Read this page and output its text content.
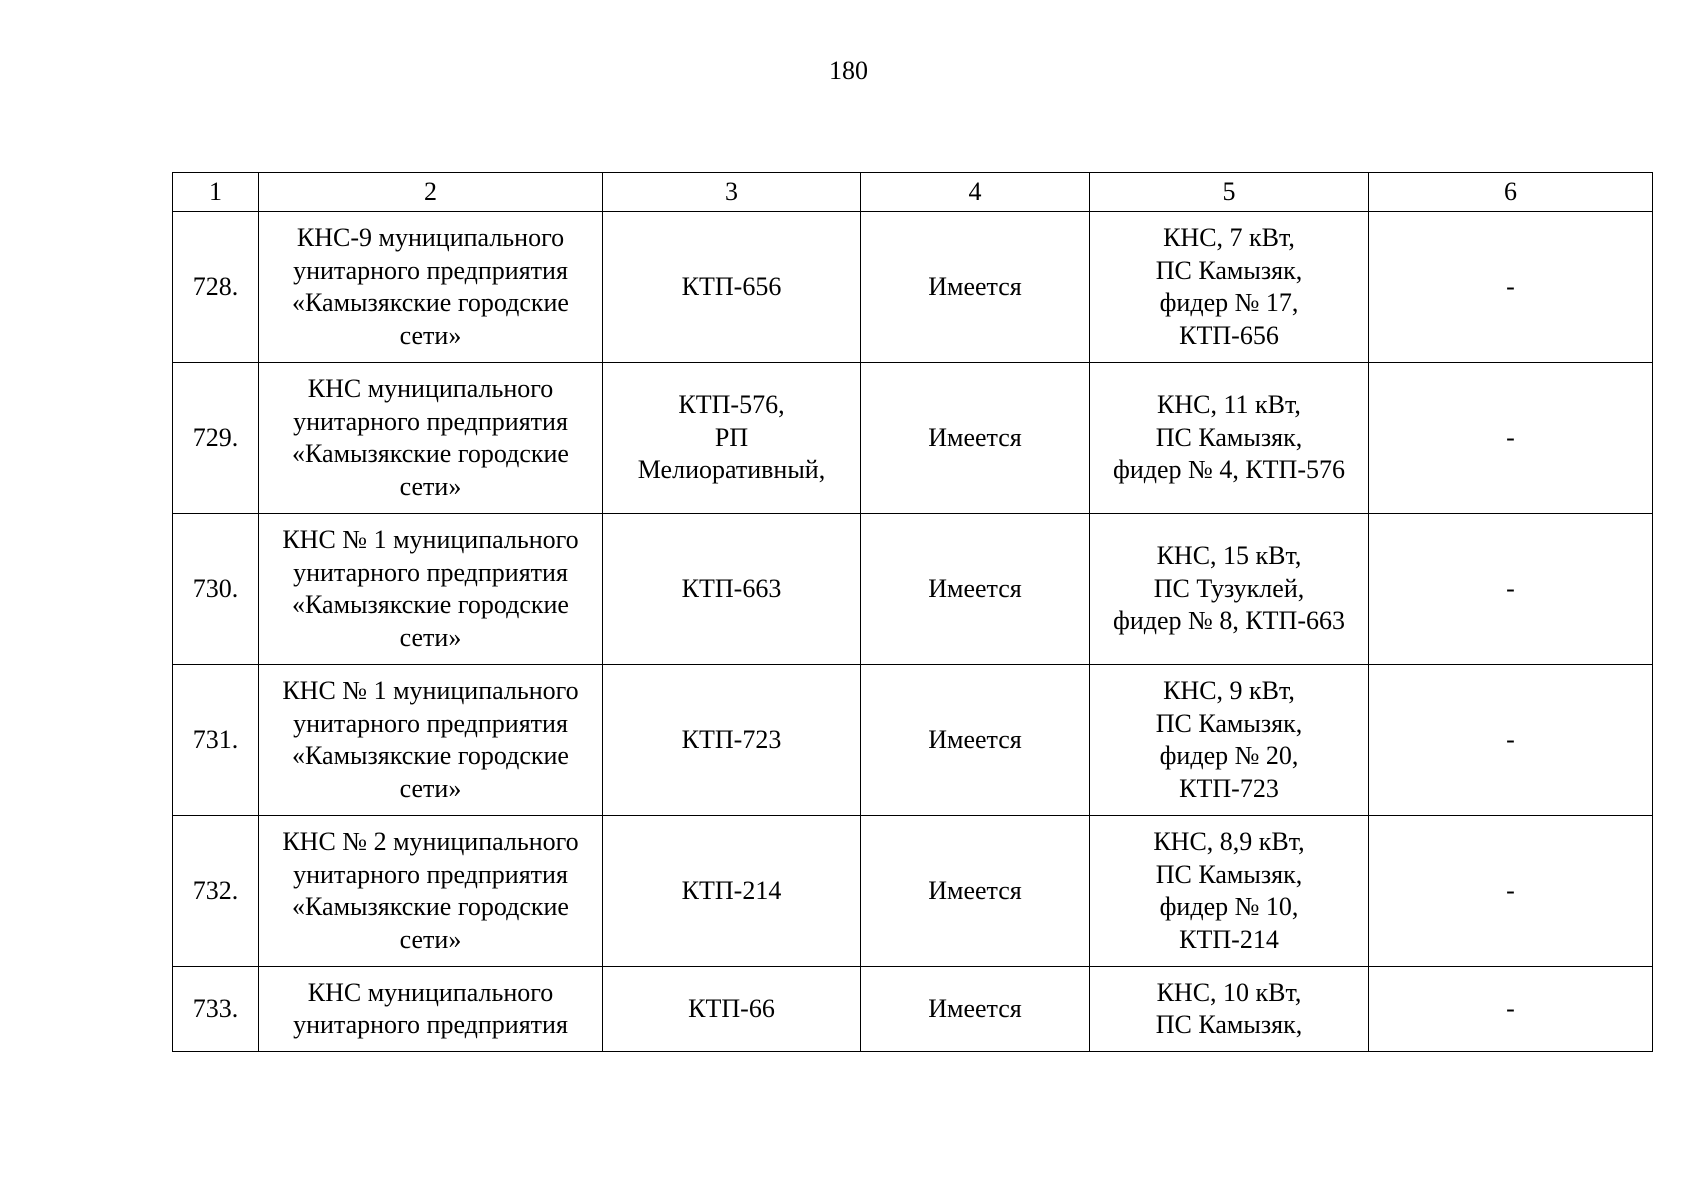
180
1	2	3	4	5	6
728.	КНС-9 муниципального
унитарного предприятия
«Камызякские городские
сети»	КТП-656	Имеется	КНС, 7 кВт,
ПС Камызяк,
фидер № 17,
КТП-656	-
729.	КНС муниципального
унитарного предприятия
«Камызякские городские
сети»	КТП-576,
РП
Мелиоративный,	Имеется	КНС, 11 кВт,
ПС Камызяк,
фидер № 4, КТП-576	-
730.	КНС № 1 муниципального
унитарного предприятия
«Камызякские городские
сети»	КТП-663	Имеется	КНС, 15 кВт,
ПС Тузуклей,
фидер № 8, КТП-663	-
731.	КНС № 1 муниципального
унитарного предприятия
«Камызякские городские
сети»	КТП-723	Имеется	КНС, 9 кВт,
ПС Камызяк,
фидер № 20,
КТП-723	-
732.	КНС № 2 муниципального
унитарного предприятия
«Камызякские городские
сети»	КТП-214	Имеется	КНС, 8,9 кВт,
ПС Камызяк,
фидер № 10,
КТП-214	-
733.	КНС муниципального
унитарного предприятия	КТП-66	Имеется	КНС, 10 кВт,
ПС Камызяк,	-
